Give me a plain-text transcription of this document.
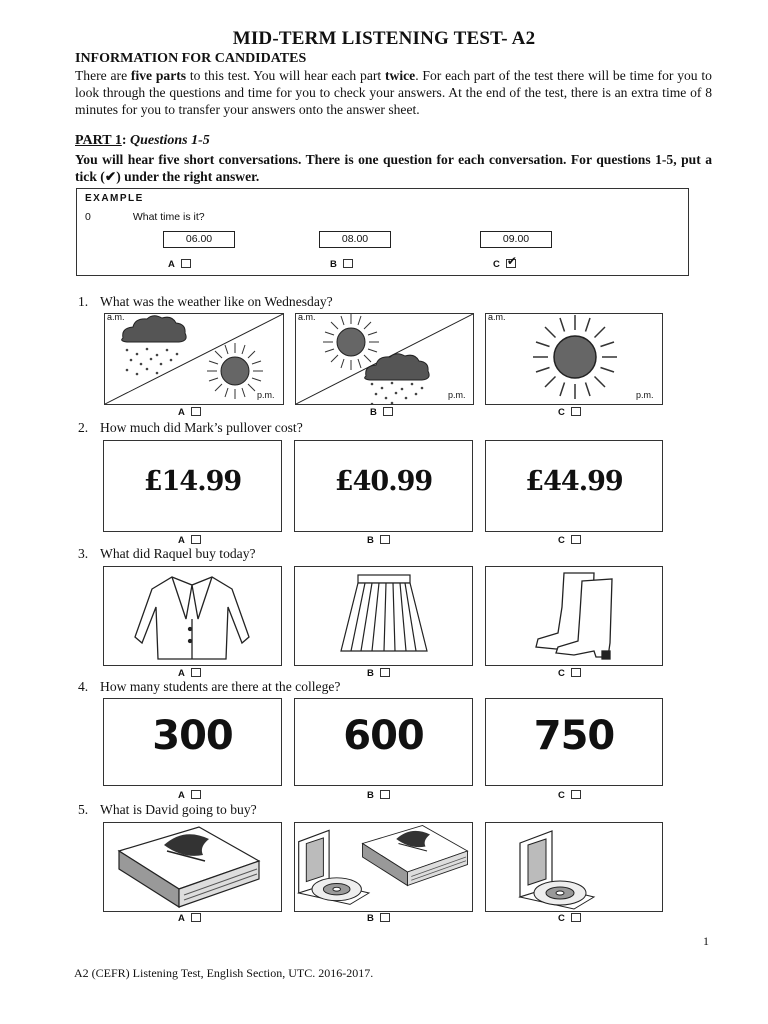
MID-TERM LISTENING TEST- A2
INFORMATION FOR CANDIDATES
There are five parts to this test. You will hear each part twice. For each part of the test there will be time for you to look through the questions and time for you to check your answers. At the end of the test, there is an extra time of 8 minutes for you to transfer your answers onto the answer sheet.
PART 1: Questions 1-5
You will hear five short conversations. There is one question for each conversation. For questions 1-5, put a tick (✔) under the right answer.
EXAMPLE
0	What time is it?
06.00	08.00	09.00
A	B	C ✔
1. What was the weather like on Wednesday?
a.m.
p.m.
a.m.
p.m.
a.m.
p.m.
A	B	C
2. How much did Mark’s pullover cost?
£14.99	£40.99	£44.99
A	B	C
3. What did Raquel buy today?
A	B	C
4. How many students are there at the college?
300	600	750
A	B	C
5. What is David going to buy?
A	B	C
1
A2 (CEFR) Listening Test, English Section, UTC. 2016-2017.
